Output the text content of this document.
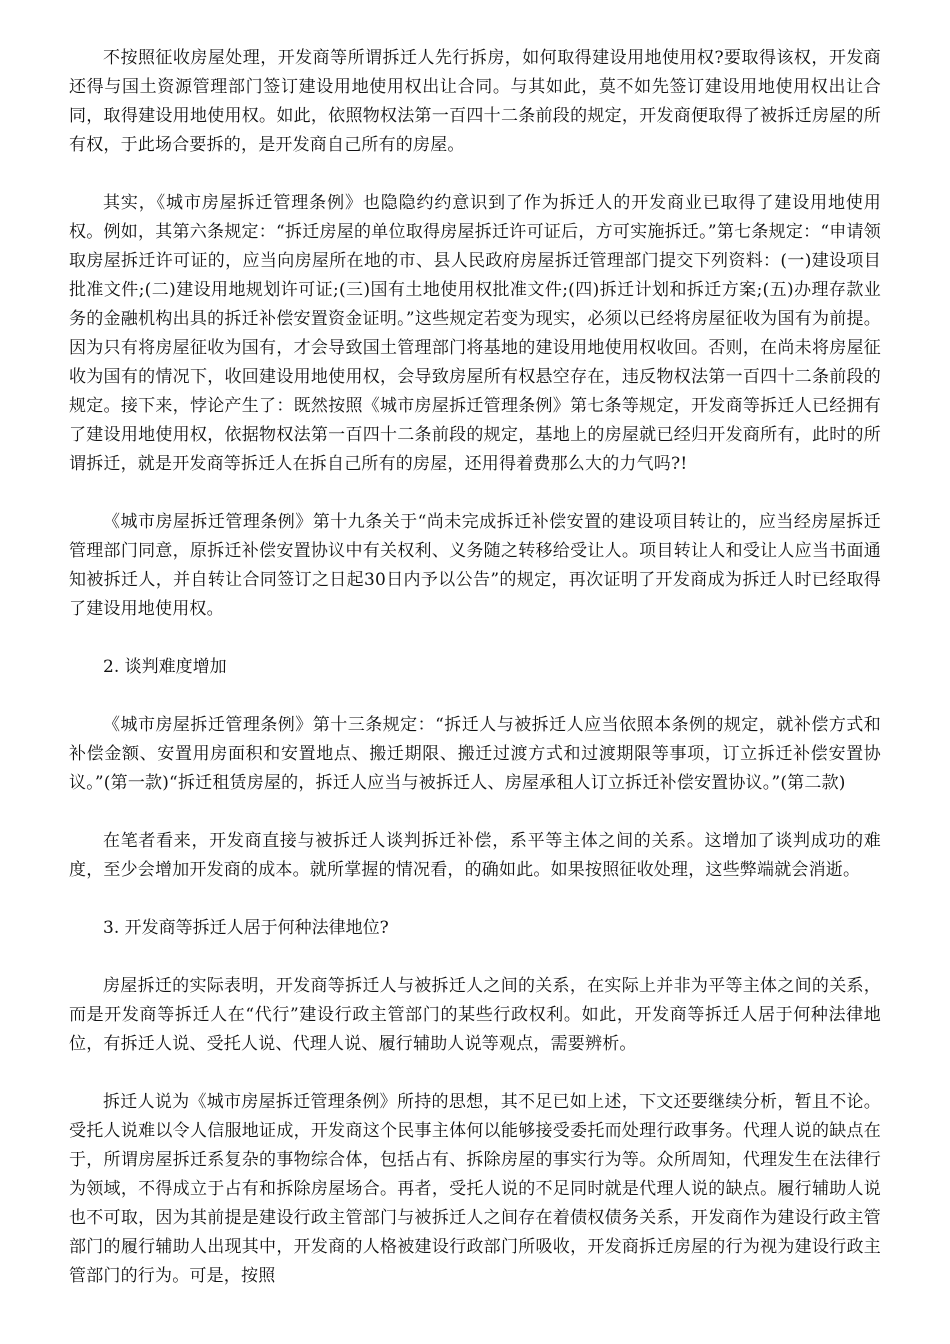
不按照征收房屋处理，开发商等所谓拆迁人先行拆房，如何取得建设用地使用权?要取得该权，开发商还得与国土资源管理部门签订建设用地使用权出让合同。与其如此，莫不如先签订建设用地使用权出让合同，取得建设用地使用权。如此，依照物权法第一百四十二条前段的规定，开发商便取得了被拆迁房屋的所有权，于此场合要拆的，是开发商自己所有的房屋。

其实，《城市房屋拆迁管理条例》也隐隐约约意识到了作为拆迁人的开发商业已取得了建设用地使用权。例如，其第六条规定：“拆迁房屋的单位取得房屋拆迁许可证后，方可实施拆迁。”第七条规定：“申请领取房屋拆迁许可证的，应当向房屋所在地的市、县人民政府房屋拆迁管理部门提交下列资料：(一)建设项目批准文件;(二)建设用地规划许可证;(三)国有土地使用权批准文件;(四)拆迁计划和拆迁方案;(五)办理存款业务的金融机构出具的拆迁补偿安置资金证明。”这些规定若变为现实，必须以已经将房屋征收为国有为前提。因为只有将房屋征收为国有，才会导致国土管理部门将基地的建设用地使用权收回。否则，在尚未将房屋征收为国有的情况下，收回建设用地使用权，会导致房屋所有权悬空存在，违反物权法第一百四十二条前段的规定。接下来，悖论产生了：既然按照《城市房屋拆迁管理条例》第七条等规定，开发商等拆迁人已经拥有了建设用地使用权，依据物权法第一百四十二条前段的规定，基地上的房屋就已经归开发商所有，此时的所谓拆迁，就是开发商等拆迁人在拆自己所有的房屋，还用得着费那么大的力气吗?!

《城市房屋拆迁管理条例》第十九条关于“尚未完成拆迁补偿安置的建设项目转让的，应当经房屋拆迁管理部门同意，原拆迁补偿安置协议中有关权利、义务随之转移给受让人。项目转让人和受让人应当书面通知被拆迁人，并自转让合同签订之日起30日内予以公告”的规定，再次证明了开发商成为拆迁人时已经取得了建设用地使用权。

2. 谈判难度增加

《城市房屋拆迁管理条例》第十三条规定：“拆迁人与被拆迁人应当依照本条例的规定，就补偿方式和补偿金额、安置用房面积和安置地点、搬迁期限、搬迁过渡方式和过渡期限等事项，订立拆迁补偿安置协议。”(第一款)“拆迁租赁房屋的，拆迁人应当与被拆迁人、房屋承租人订立拆迁补偿安置协议。”(第二款)

在笔者看来，开发商直接与被拆迁人谈判拆迁补偿，系平等主体之间的关系。这增加了谈判成功的难度，至少会增加开发商的成本。就所掌握的情况看，的确如此。如果按照征收处理，这些弊端就会消逝。

3. 开发商等拆迁人居于何种法律地位?

房屋拆迁的实际表明，开发商等拆迁人与被拆迁人之间的关系，在实际上并非为平等主体之间的关系，而是开发商等拆迁人在“代行”建设行政主管部门的某些行政权利。如此，开发商等拆迁人居于何种法律地位，有拆迁人说、受托人说、代理人说、履行辅助人说等观点，需要辨析。

拆迁人说为《城市房屋拆迁管理条例》所持的思想，其不足已如上述，下文还要继续分析，暂且不论。受托人说难以令人信服地证成，开发商这个民事主体何以能够接受委托而处理行政事务。代理人说的缺点在于，所谓房屋拆迁系复杂的事物综合体，包括占有、拆除房屋的事实行为等。众所周知，代理发生在法律行为领域，不得成立于占有和拆除房屋场合。再者，受托人说的不足同时就是代理人说的缺点。履行辅助人说也不可取，因为其前提是建设行政主管部门与被拆迁人之间存在着债权债务关系，开发商作为建设行政主管部门的履行辅助人出现其中，开发商的人格被建设行政部门所吸收，开发商拆迁房屋的行为视为建设行政主管部门的行为。可是，按照
